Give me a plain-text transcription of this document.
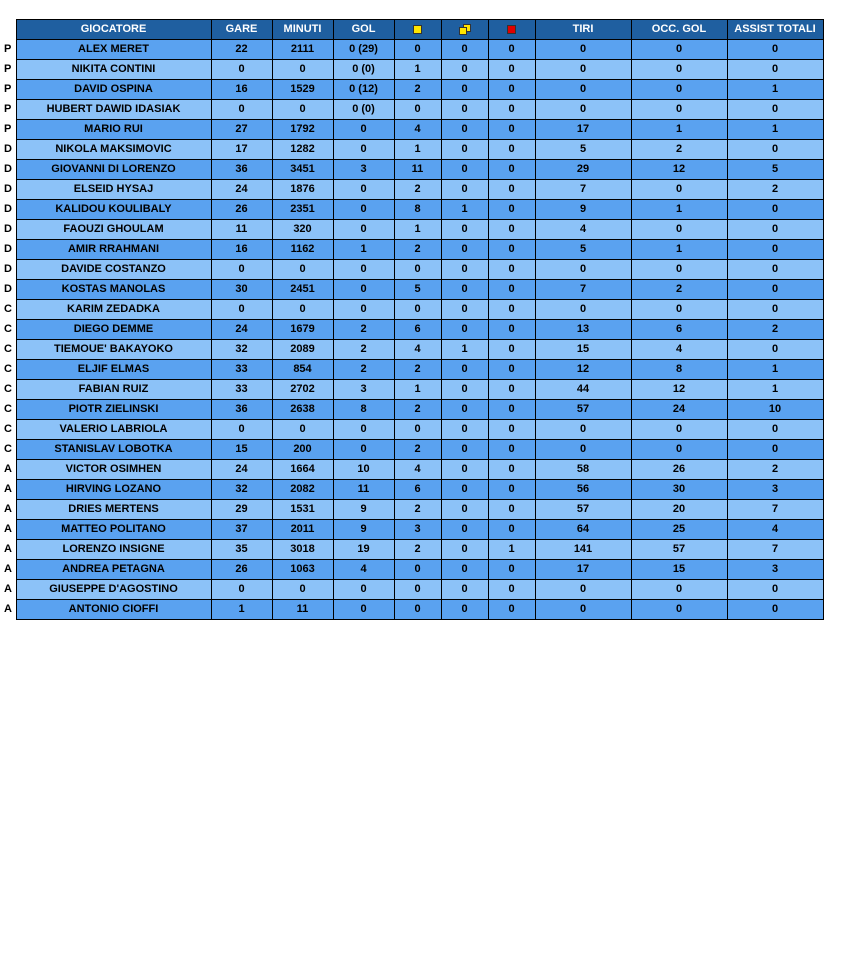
	GIOCATORE	GARE	MINUTI	GOL				TIRI	OCC. GOL	ASSIST TOTALI
P	ALEX MERET	22	2111	0 (29)	0	0	0	0	0	0
P	NIKITA CONTINI	0	0	0 (0)	1	0	0	0	0	0
P	DAVID OSPINA	16	1529	0 (12)	2	0	0	0	0	1
P	HUBERT DAWID IDASIAK	0	0	0 (0)	0	0	0	0	0	0
P	MARIO RUI	27	1792	0	4	0	0	17	1	1
D	NIKOLA MAKSIMOVIC	17	1282	0	1	0	0	5	2	0
D	GIOVANNI DI LORENZO	36	3451	3	11	0	0	29	12	5
D	ELSEID HYSAJ	24	1876	0	2	0	0	7	0	2
D	KALIDOU KOULIBALY	26	2351	0	8	1	0	9	1	0
D	FAOUZI GHOULAM	11	320	0	1	0	0	4	0	0
D	AMIR RRAHMANI	16	1162	1	2	0	0	5	1	0
D	DAVIDE COSTANZO	0	0	0	0	0	0	0	0	0
D	KOSTAS MANOLAS	30	2451	0	5	0	0	7	2	0
C	KARIM ZEDADKA	0	0	0	0	0	0	0	0	0
C	DIEGO DEMME	24	1679	2	6	0	0	13	6	2
C	TIEMOUE' BAKAYOKO	32	2089	2	4	1	0	15	4	0
C	ELJIF ELMAS	33	854	2	2	0	0	12	8	1
C	FABIAN RUIZ	33	2702	3	1	0	0	44	12	1
C	PIOTR ZIELINSKI	36	2638	8	2	0	0	57	24	10
C	VALERIO LABRIOLA	0	0	0	0	0	0	0	0	0
C	STANISLAV LOBOTKA	15	200	0	2	0	0	0	0	0
A	VICTOR OSIMHEN	24	1664	10	4	0	0	58	26	2
A	HIRVING LOZANO	32	2082	11	6	0	0	56	30	3
A	DRIES MERTENS	29	1531	9	2	0	0	57	20	7
A	MATTEO POLITANO	37	2011	9	3	0	0	64	25	4
A	LORENZO INSIGNE	35	3018	19	2	0	1	141	57	7
A	ANDREA PETAGNA	26	1063	4	0	0	0	17	15	3
A	GIUSEPPE D'AGOSTINO	0	0	0	0	0	0	0	0	0
A	ANTONIO CIOFFI	1	11	0	0	0	0	0	0	0
